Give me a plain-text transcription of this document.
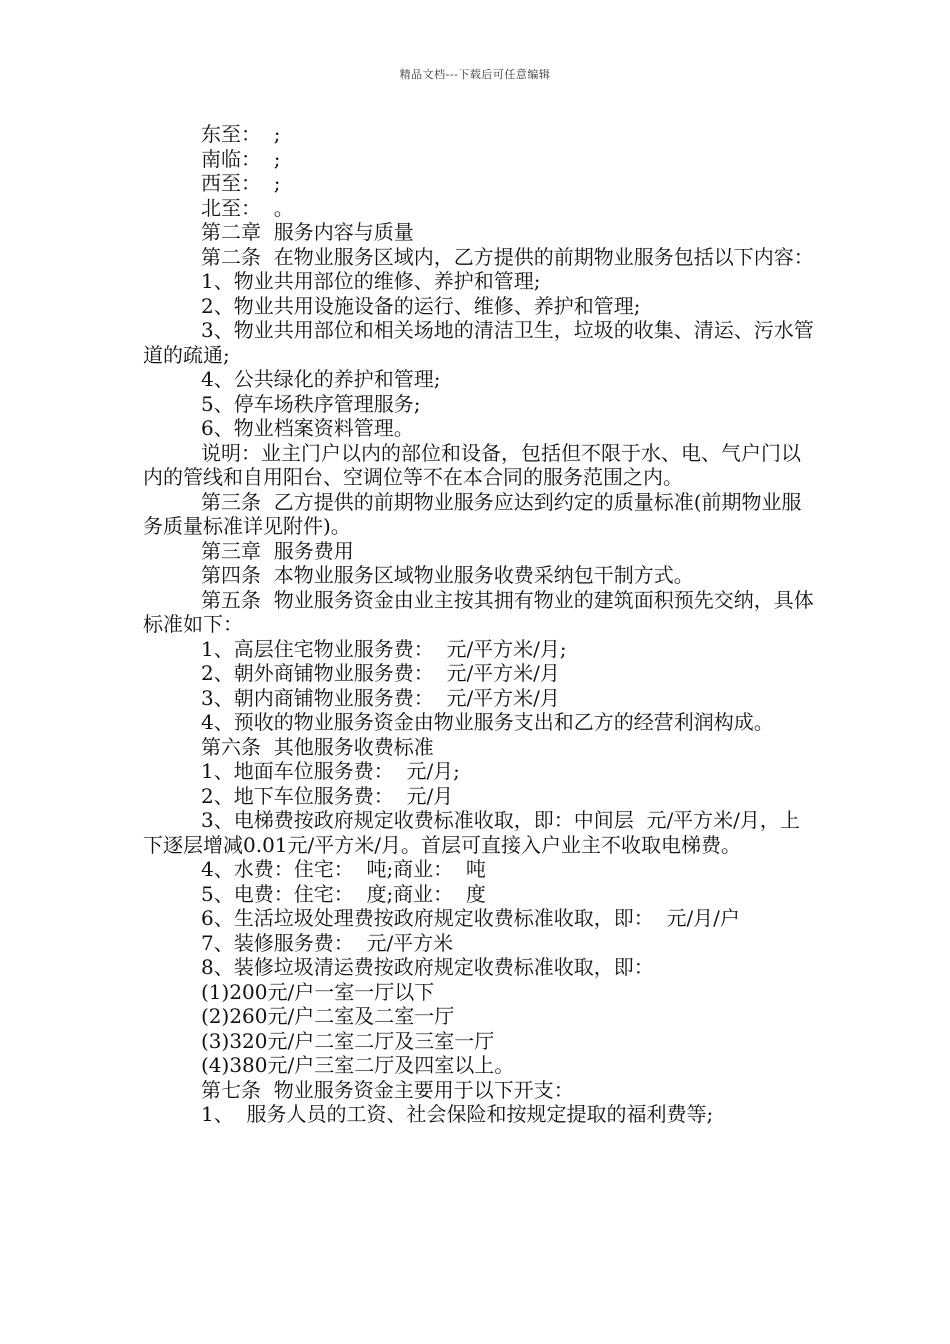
精品文档---下载后可任意编辑

东至：  ;

南临：  ;

西至：  ;

北至：  。

第二章  服务内容与质量

第二条  在物业服务区域内，乙方提供的前期物业服务包括以下内容：

1、物业共用部位的维修、养护和管理;

2、物业共用设施设备的运行、维修、养护和管理;

3、物业共用部位和相关场地的清洁卫生，垃圾的收集、清运、污水管道的疏通;

4、公共绿化的养护和管理;

5、停车场秩序管理服务;

6、物业档案资料管理。

说明：业主门户以内的部位和设备，包括但不限于水、电、气户门以内的管线和自用阳台、空调位等不在本合同的服务范围之内。

第三条  乙方提供的前期物业服务应达到约定的质量标准(前期物业服务质量标准详见附件)。

第三章  服务费用

第四条  本物业服务区域物业服务收费采纳包干制方式。

第五条  物业服务资金由业主按其拥有物业的建筑面积预先交纳，具体标准如下：

1、高层住宅物业服务费：  元/平方米/月;

2、朝外商铺物业服务费：  元/平方米/月

3、朝内商铺物业服务费：  元/平方米/月

4、预收的物业服务资金由物业服务支出和乙方的经营利润构成。

第六条  其他服务收费标准

1、地面车位服务费：  元/月;

2、地下车位服务费：  元/月

3、电梯费按政府规定收费标准收取，即：中间层  元/平方米/月，上下逐层增减0.01元/平方米/月。首层可直接入户业主不收取电梯费。

4、水费：住宅：  吨;商业：  吨

5、电费：住宅：  度;商业：  度

6、生活垃圾处理费按政府规定收费标准收取，即：  元/月/户

7、装修服务费：  元/平方米

8、装修垃圾清运费按政府规定收费标准收取，即：

(1)200元/户一室一厅以下

(2)260元/户二室及二室一厅

(3)320元/户二室二厅及三室一厅

(4)380元/户三室二厅及四室以上。

第七条  物业服务资金主要用于以下开支：

1、  服务人员的工资、社会保险和按规定提取的福利费等;
